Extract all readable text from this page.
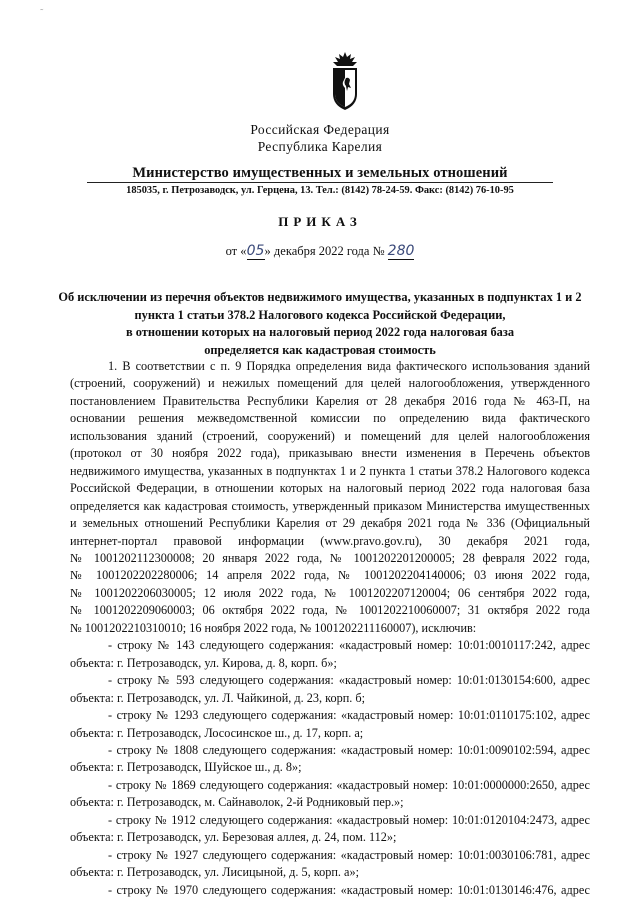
˜
Российская Федерация
Республика Карелия
Министерство имущественных и земельных отношений
185035, г. Петрозаводск, ул. Герцена, 13. Тел.: (8142) 78-24-59. Факс: (8142) 76-10-95
ПРИКАЗ
от «05» декабря 2022 года № 280
Об исключении из перечня объектов недвижимого имущества, указанных в подпунктах 1 и 2
пункта 1 статьи 378.2 Налогового кодекса Российской Федерации,
в отношении которых на налоговый период 2022 года налоговая база
определяется как кадастровая стоимость

1. В соответствии с п. 9 Порядка определения вида фактического использования зданий

(строений, сооружений) и нежилых помещений для целей налогообложения, утвержденного

постановлением Правительства Республики Карелия от 28 декабря 2016 года № 463-П, на

основании решения межведомственной комиссии по определению вида фактического

использования зданий (строений, сооружений) и помещений для целей налогообложения

(протокол от 30 ноября 2022 года), приказываю внести изменения в Перечень объектов

недвижимого имущества, указанных в подпунктах 1 и 2 пункта 1 статьи 378.2 Налогового кодекса

Российской Федерации, в отношении которых на налоговый период 2022 года налоговая база

определяется как кадастровая стоимость, утвержденный приказом Министерства имущественных

и земельных отношений Республики Карелия от 29 декабря 2021 года № 336 (Официальный

интернет-портал правовой информации (www.pravo.gov.ru), 30 декабря 2021 года,

№ 1001202112300008; 20 января 2022 года, № 1001202201200005; 28 февраля 2022 года,

№ 1001202202280006; 14 апреля 2022 года, № 1001202204140006; 03 июня 2022 года,

№ 1001202206030005; 12 июля 2022 года, № 1001202207120004; 06 сентября 2022 года,

№ 1001202209060003; 06 октября 2022 года, № 1001202210060007; 31 октября 2022 года

№ 1001202210310010; 16 ноября 2022 года, № 1001202211160007), исключив:

- строку № 143 следующего содержания: «кадастровый номер: 10:01:0010117:242, адрес

объекта: г. Петрозаводск, ул. Кирова, д. 8, корп. б»;

- строку № 593 следующего содержания: «кадастровый номер: 10:01:0130154:600, адрес

объекта: г. Петрозаводск, ул. Л. Чайкиной, д. 23, корп. б;

- строку № 1293 следующего содержания: «кадастровый номер: 10:01:0110175:102, адрес

объекта: г. Петрозаводск, Лососинское ш., д. 17, корп. а;

- строку № 1808 следующего содержания: «кадастровый номер: 10:01:0090102:594, адрес

объекта: г. Петрозаводск, Шуйское ш., д. 8»;

- строку № 1869 следующего содержания: «кадастровый номер: 10:01:0000000:2650, адрес

объекта: г. Петрозаводск, м. Сайнаволок, 2-й Родниковый пер.»;

- строку № 1912 следующего содержания: «кадастровый номер: 10:01:0120104:2473, адрес

объекта: г. Петрозаводск, ул. Березовая аллея, д. 24, пом. 112»;

- строку № 1927 следующего содержания: «кадастровый номер: 10:01:0030106:781, адрес

объекта: г. Петрозаводск, ул. Лисицыной, д. 5, корп. а»;

- строку № 1970 следующего содержания: «кадастровый номер: 10:01:0130146:476, адрес
